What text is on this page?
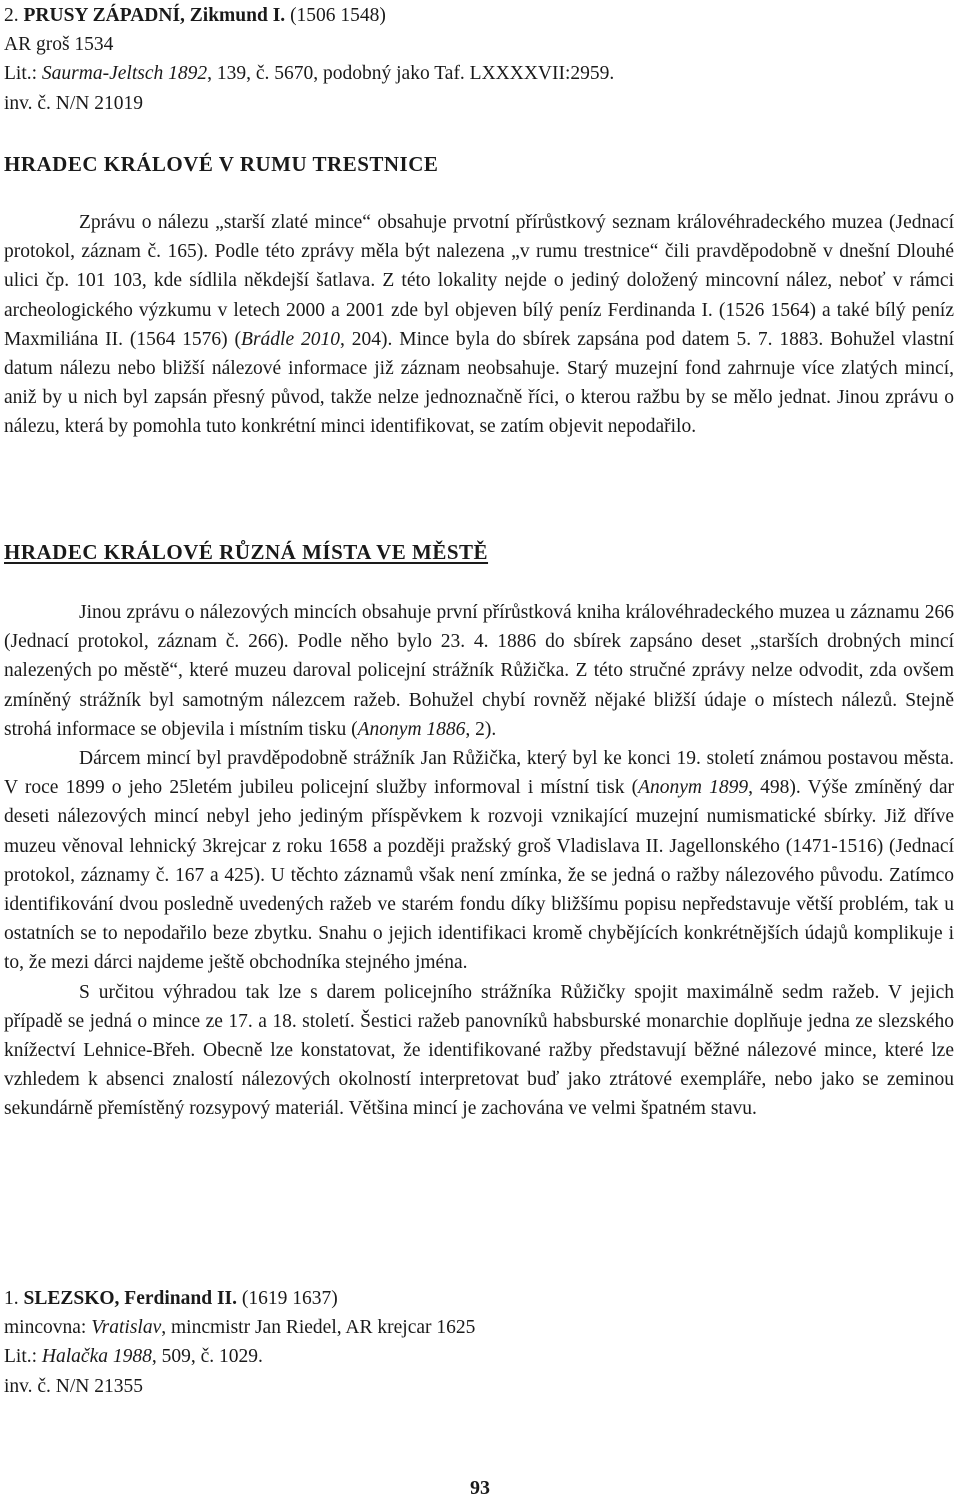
2. PRUSY ZÁPADNÍ, Zikmund I. (1506 1548)

AR groš 1534

Lit.: Saurma-Jeltsch 1892, 139, č. 5670, podobný jako Taf. LXXXXVII:2959.

inv. č. N/N 21019

HRADEC KRÁLOVÉ V RUMU TRESTNICE

Zprávu o nálezu „starší zlaté mince“ obsahuje prvotní přírůstkový seznam královéhradeckého muzea (Jednací protokol, záznam č. 165). Podle této zprávy měla být nalezena „v rumu trestnice“ čili pravděpodobně v dnešní Dlouhé ulici čp. 101 103, kde sídlila někdejší šatlava. Z této lokality nejde o jediný doložený mincovní nález, neboť v rámci archeologického výzkumu v letech 2000 a 2001 zde byl objeven bílý peníz Ferdinanda I. (1526 1564) a také bílý peníz Maxmiliána II. (1564 1576) (Brádle 2010, 204). Mince byla do sbírek zapsána pod datem 5. 7. 1883. Bohužel vlastní datum nálezu nebo bližší nálezové informace již záznam neobsahuje. Starý muzejní fond zahrnuje více zlatých mincí, aniž by u nich byl zapsán přesný původ, takže nelze jednoznačně říci, o kterou ražbu by se mělo jednat. Jinou zprávu o nálezu, která by pomohla tuto konkrétní minci identifikovat, se zatím objevit nepodařilo.

HRADEC KRÁLOVÉ RŮZNÁ MÍSTA VE MĚSTĚ

Jinou zprávu o nálezových mincích obsahuje první přírůstková kniha královéhradeckého muzea u záznamu 266 (Jednací protokol, záznam č. 266). Podle něho bylo 23. 4. 1886 do sbírek zapsáno deset „starších drobných mincí nalezených po městě“, které muzeu daroval policejní strážník Růžička. Z této stručné zprávy nelze odvodit, zda ovšem zmíněný strážník byl samotným nálezcem ražeb. Bohužel chybí rovněž nějaké bližší údaje o místech nálezů. Stejně strohá informace se objevila i místním tisku (Anonym 1886, 2).

Dárcem mincí byl pravděpodobně strážník Jan Růžička, který byl ke konci 19. století známou postavou města. V roce 1899 o jeho 25letém jubileu policejní služby informoval i místní tisk (Anonym 1899, 498). Výše zmíněný dar deseti nálezových mincí nebyl jeho jediným příspěvkem k rozvoji vznikající muzejní numismatické sbírky. Již dříve muzeu věnoval lehnický 3krejcar z roku 1658 a později pražský groš Vladislava II. Jagellonského (1471-1516) (Jednací protokol, záznamy č. 167 a 425). U těchto záznamů však není zmínka, že se jedná o ražby nálezového původu. Zatímco identifikování dvou posledně uvedených ražeb ve starém fondu díky bližšímu popisu nepředstavuje větší problém, tak u ostatních se to nepodařilo beze zbytku. Snahu o jejich identifikaci kromě chybějících konkrétnějších údajů komplikuje i to, že mezi dárci najdeme ještě obchodníka stejného jména.

S určitou výhradou tak lze s darem policejního strážníka Růžičky spojit maximálně sedm ražeb. V jejich případě se jedná o mince ze 17. a 18. století. Šestici ražeb panovníků habsburské monarchie doplňuje jedna ze slezského knížectví Lehnice-Břeh. Obecně lze konstatovat, že identifikované ražby představují běžné nálezové mince, které lze vzhledem k absenci znalostí nálezových okolností interpretovat buď jako ztrátové exempláře, nebo jako se zeminou sekundárně přemístěný rozsypový materiál. Většina mincí je zachována ve velmi špatném stavu.

1. SLEZSKO, Ferdinand II. (1619 1637)

mincovna: Vratislav, mincmistr Jan Riedel, AR krejcar 1625

Lit.: Halačka 1988, 509, č. 1029.

inv. č. N/N 21355

93
